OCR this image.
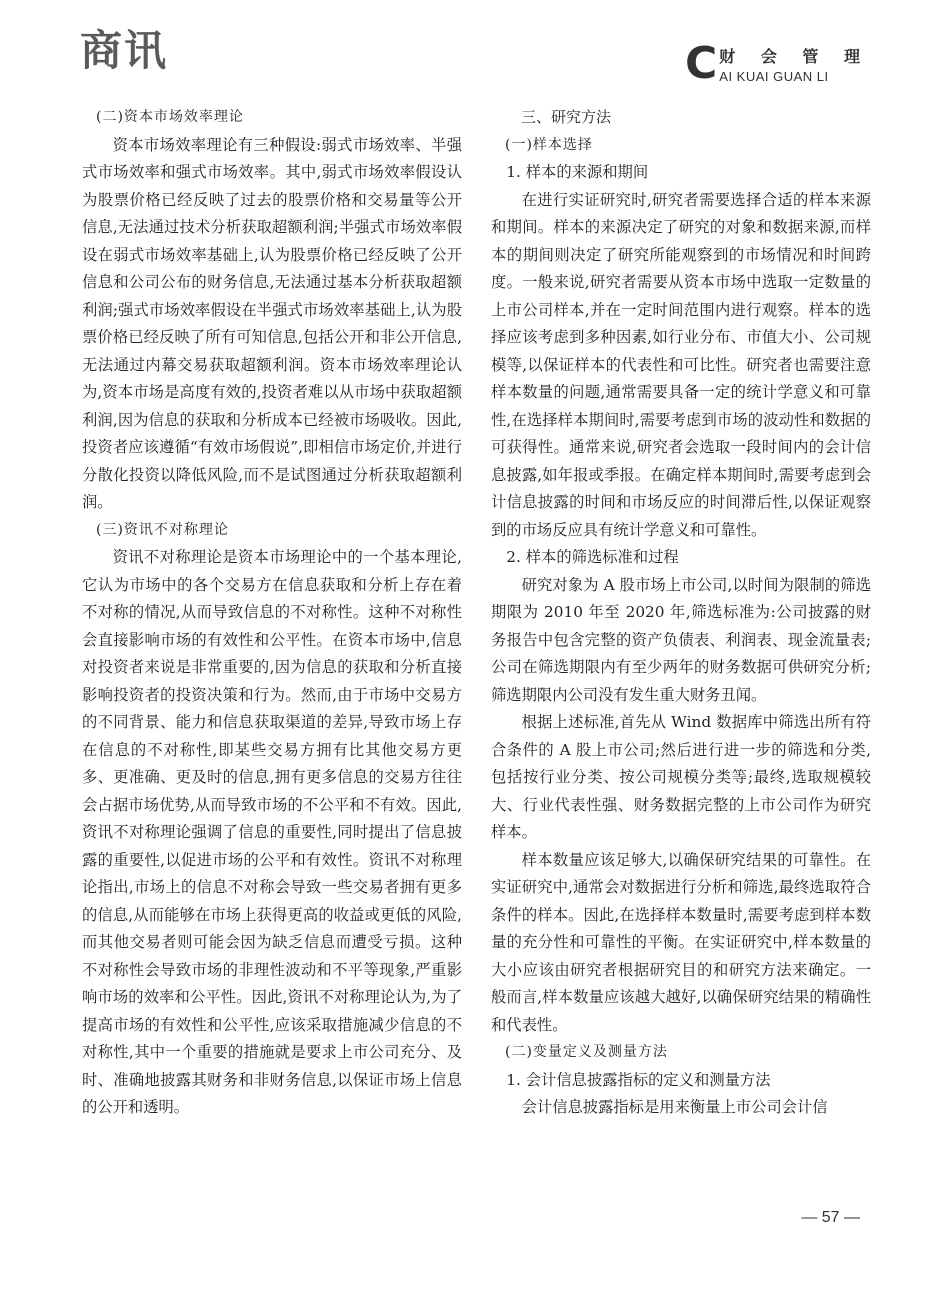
商讯	C 财 会 管 理
AI KUAI GUAN LI
(二)资本市场效率理论

资本市场效率理论有三种假设:弱式市场效率、半强式市场效率和强式市场效率。其中,弱式市场效率假设认为股票价格已经反映了过去的股票价格和交易量等公开信息,无法通过技术分析获取超额利润;半强式市场效率假设在弱式市场效率基础上,认为股票价格已经反映了公开信息和公司公布的财务信息,无法通过基本分析获取超额利润;强式市场效率假设在半强式市场效率基础上,认为股票价格已经反映了所有可知信息,包括公开和非公开信息,无法通过内幕交易获取超额利润。资本市场效率理论认为,资本市场是高度有效的,投资者难以从市场中获取超额利润,因为信息的获取和分析成本已经被市场吸收。因此,投资者应该遵循“有效市场假说”,即相信市场定价,并进行分散化投资以降低风险,而不是试图通过分析获取超额利润。

(三)资讯不对称理论

资讯不对称理论是资本市场理论中的一个基本理论,它认为市场中的各个交易方在信息获取和分析上存在着不对称的情况,从而导致信息的不对称性。这种不对称性会直接影响市场的有效性和公平性。在资本市场中,信息对投资者来说是非常重要的,因为信息的获取和分析直接影响投资者的投资决策和行为。然而,由于市场中交易方的不同背景、能力和信息获取渠道的差异,导致市场上存在信息的不对称性,即某些交易方拥有比其他交易方更多、更准确、更及时的信息,拥有更多信息的交易方往往会占据市场优势,从而导致市场的不公平和不有效。因此,资讯不对称理论强调了信息的重要性,同时提出了信息披露的重要性,以促进市场的公平和有效性。资讯不对称理论指出,市场上的信息不对称会导致一些交易者拥有更多的信息,从而能够在市场上获得更高的收益或更低的风险,而其他交易者则可能会因为缺乏信息而遭受亏损。这种不对称性会导致市场的非理性波动和不平等现象,严重影响市场的效率和公平性。因此,资讯不对称理论认为,为了提高市场的有效性和公平性,应该采取措施减少信息的不对称性,其中一个重要的措施就是要求上市公司充分、及时、准确地披露其财务和非财务信息,以保证市场上信息的公开和透明。

三、研究方法
(一)样本选择
1. 样本的来源和期间

在进行实证研究时,研究者需要选择合适的样本来源和期间。样本的来源决定了研究的对象和数据来源,而样本的期间则决定了研究所能观察到的市场情况和时间跨度。一般来说,研究者需要从资本市场中选取一定数量的上市公司样本,并在一定时间范围内进行观察。样本的选择应该考虑到多种因素,如行业分布、市值大小、公司规模等,以保证样本的代表性和可比性。研究者也需要注意样本数量的问题,通常需要具备一定的统计学意义和可靠性,在选择样本期间时,需要考虑到市场的波动性和数据的可获得性。通常来说,研究者会选取一段时间内的会计信息披露,如年报或季报。在确定样本期间时,需要考虑到会计信息披露的时间和市场反应的时间滞后性,以保证观察到的市场反应具有统计学意义和可靠性。

2. 样本的筛选标准和过程

研究对象为 A 股市场上市公司,以时间为限制的筛选期限为 2010 年至 2020 年,筛选标准为:公司披露的财务报告中包含完整的资产负债表、利润表、现金流量表;公司在筛选期限内有至少两年的财务数据可供研究分析;筛选期限内公司没有发生重大财务丑闻。

根据上述标准,首先从 Wind 数据库中筛选出所有符合条件的 A 股上市公司;然后进行进一步的筛选和分类,包括按行业分类、按公司规模分类等;最终,选取规模较大、行业代表性强、财务数据完整的上市公司作为研究样本。

样本数量应该足够大,以确保研究结果的可靠性。在实证研究中,通常会对数据进行分析和筛选,最终选取符合条件的样本。因此,在选择样本数量时,需要考虑到样本数量的充分性和可靠性的平衡。在实证研究中,样本数量的大小应该由研究者根据研究目的和研究方法来确定。一般而言,样本数量应该越大越好,以确保研究结果的精确性和代表性。

(二)变量定义及测量方法
1. 会计信息披露指标的定义和测量方法

会计信息披露指标是用来衡量上市公司会计信

— 57 —
